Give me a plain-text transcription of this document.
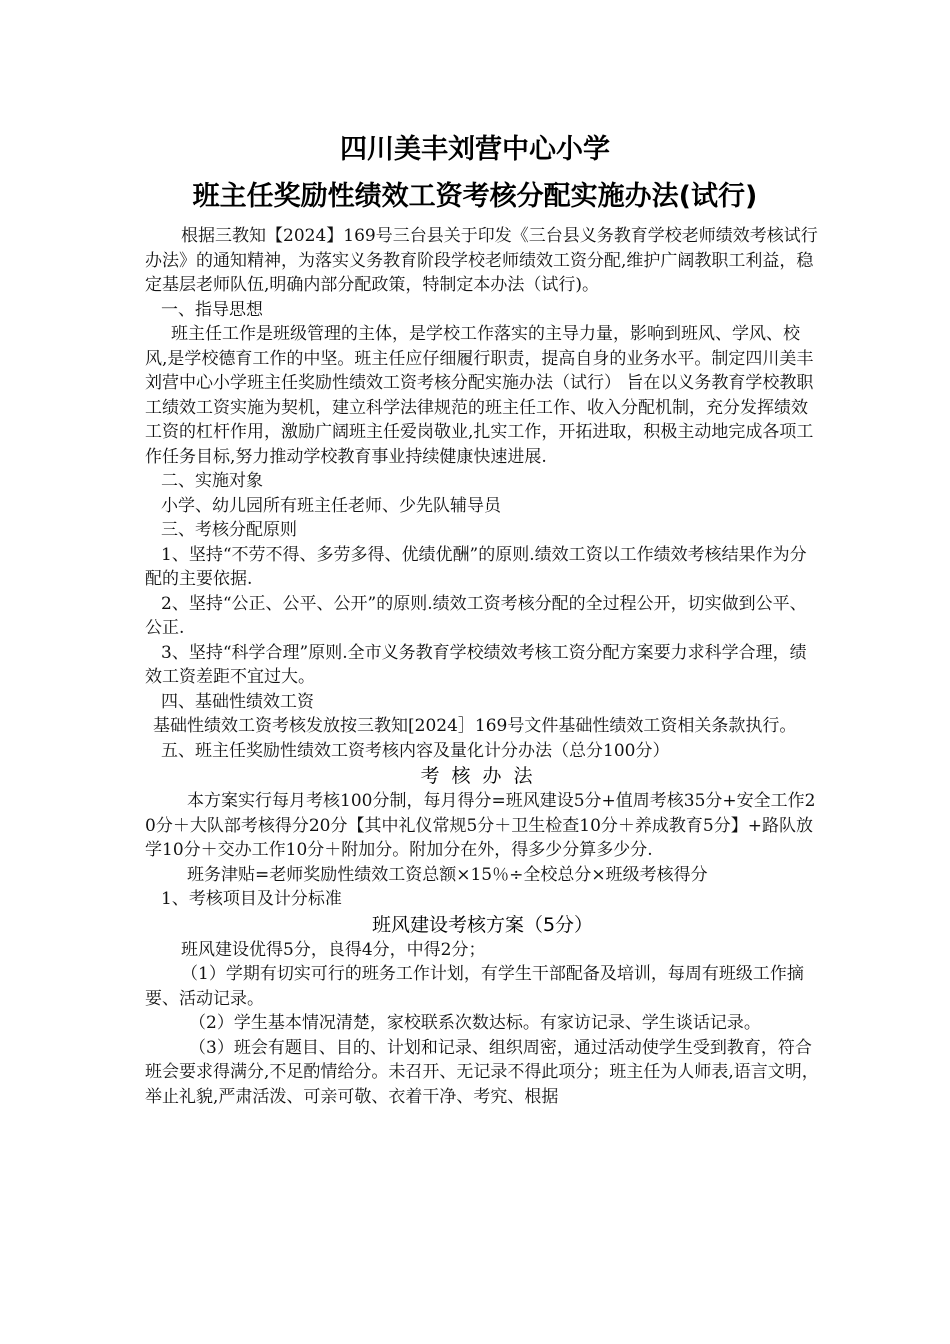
四川美丰刘营中心小学
班主任奖励性绩效工资考核分配实施办法(试行)

根据三教知【2024】169号三台县关于印发《三台县义务教育学校老师绩效考核试行办法》的通知精神，为落实义务教育阶段学校老师绩效工资分配,维护广阔教职工利益，稳定基层老师队伍,明确内部分配政策，特制定本办法（试行)。

一、指导思想

班主任工作是班级管理的主体，是学校工作落实的主导力量，影响到班风、学风、校风,是学校德育工作的中坚。班主任应仔细履行职责，提高自身的业务水平。制定四川美丰刘营中心小学班主任奖励性绩效工资考核分配实施办法（试行） 旨在以义务教育学校教职工绩效工资实施为契机，建立科学法律规范的班主任工作、收入分配机制，充分发挥绩效工资的杠杆作用，激励广阔班主任爱岗敬业,扎实工作，开拓进取，积极主动地完成各项工作任务目标,努力推动学校教育事业持续健康快速进展.

二、实施对象

小学、幼儿园所有班主任老师、少先队辅导员

三、考核分配原则

1、坚持“不劳不得、多劳多得、优绩优酬”的原则.绩效工资以工作绩效考核结果作为分配的主要依据.

2、坚持“公正、公平、公开”的原则.绩效工资考核分配的全过程公开，切实做到公平、公正.

3、坚持“科学合理”原则.全市义务教育学校绩效考核工资分配方案要力求科学合理，绩效工资差距不宜过大。

四、基础性绩效工资

基础性绩效工资考核发放按三教知[2024］169号文件基础性绩效工资相关条款执行。

五、班主任奖励性绩效工资考核内容及量化计分办法（总分100分）

考核办法

本方案实行每月考核100分制，每月得分=班风建设5分+值周考核35分+安全工作20分＋大队部考核得分20分【其中礼仪常规5分＋卫生检查10分＋养成教育5分】+路队放学10分＋交办工作10分＋附加分。附加分在外，得多少分算多少分.

班务津贴=老师奖励性绩效工资总额×15％÷全校总分×班级考核得分

1、考核项目及计分标准

班风建设考核方案（5分）

班风建设优得5分，良得4分，中得2分；

（1）学期有切实可行的班务工作计划，有学生干部配备及培训，每周有班级工作摘要、活动记录。

（2）学生基本情况清楚，家校联系次数达标。有家访记录、学生谈话记录。

（3）班会有题目、目的、计划和记录、组织周密，通过活动使学生受到教育，符合班会要求得满分,不足酌情给分。未召开、无记录不得此项分；班主任为人师表,语言文明，举止礼貌,严肃活泼、可亲可敬、衣着干净、考究、根据
